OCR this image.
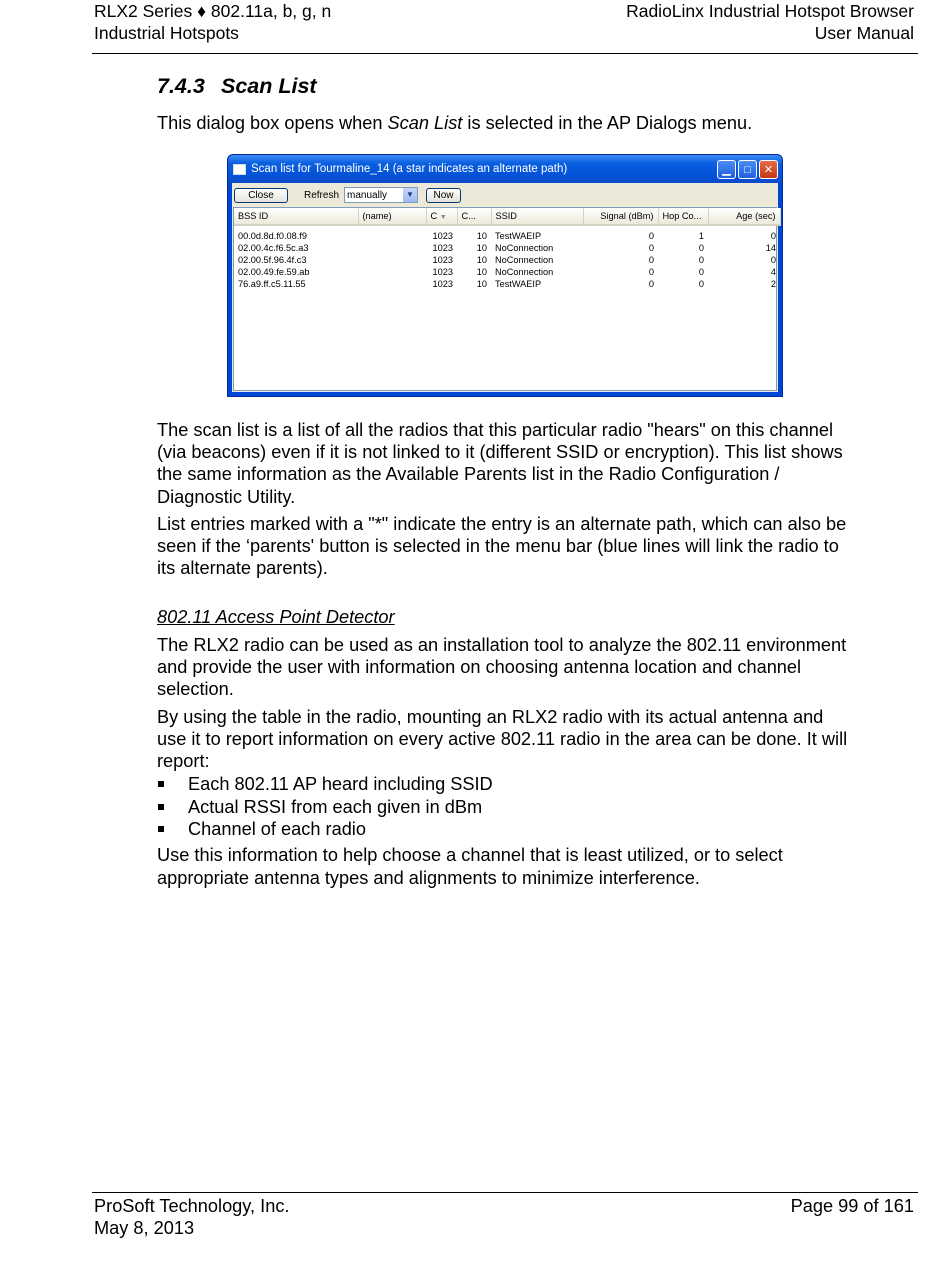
RLX2 Series ♦ 802.11a, b, g, n
Industrial Hotspots
RadioLinx Industrial Hotspot Browser
User Manual
7.4.3 Scan List

This dialog box opens when Scan List is selected in the AP Dialogs menu.

Scan list for Tourmaline_14 (a star indicates an alternate path)	▁	□	✕
Close	Refresh manually	▼	Now
BSS ID	(name)	C ▼	C...	SSID	Signal (dBm)	Hop Co...	Age (sec)
00.0d.8d.f0.08.f9		1023	10	TestWAEIP	0	1	0
02.00.4c.f6.5c.a3		1023	10	NoConnection	0	0	14
02.00.5f.96.4f.c3		1023	10	NoConnection	0	0	0
02.00.49.fe.59.ab		1023	10	NoConnection	0	0	4
76.a9.ff.c5.11.55		1023	10	TestWAEIP	0	0	2

The scan list is a list of all the radios that this particular radio "hears" on this channel (via beacons) even if it is not linked to it (different SSID or encryption). This list shows the same information as the Available Parents list in the Radio Configuration / Diagnostic Utility.

List entries marked with a "*" indicate the entry is an alternate path, which can also be seen if the ‘parents' button is selected in the menu bar (blue lines will link the radio to its alternate parents).

802.11 Access Point Detector

The RLX2 radio can be used as an installation tool to analyze the 802.11 environment and provide the user with information on choosing antenna location and channel selection.

By using the table in the radio, mounting an RLX2 radio with its actual antenna and use it to report information on every active 802.11 radio in the area can be done. It will report:

Each 802.11 AP heard including SSID
Actual RSSI from each given in dBm
Channel of each radio

Use this information to help choose a channel that is least utilized, or to select appropriate antenna types and alignments to minimize interference.

ProSoft Technology, Inc.
May 8, 2013
Page 99 of 161
